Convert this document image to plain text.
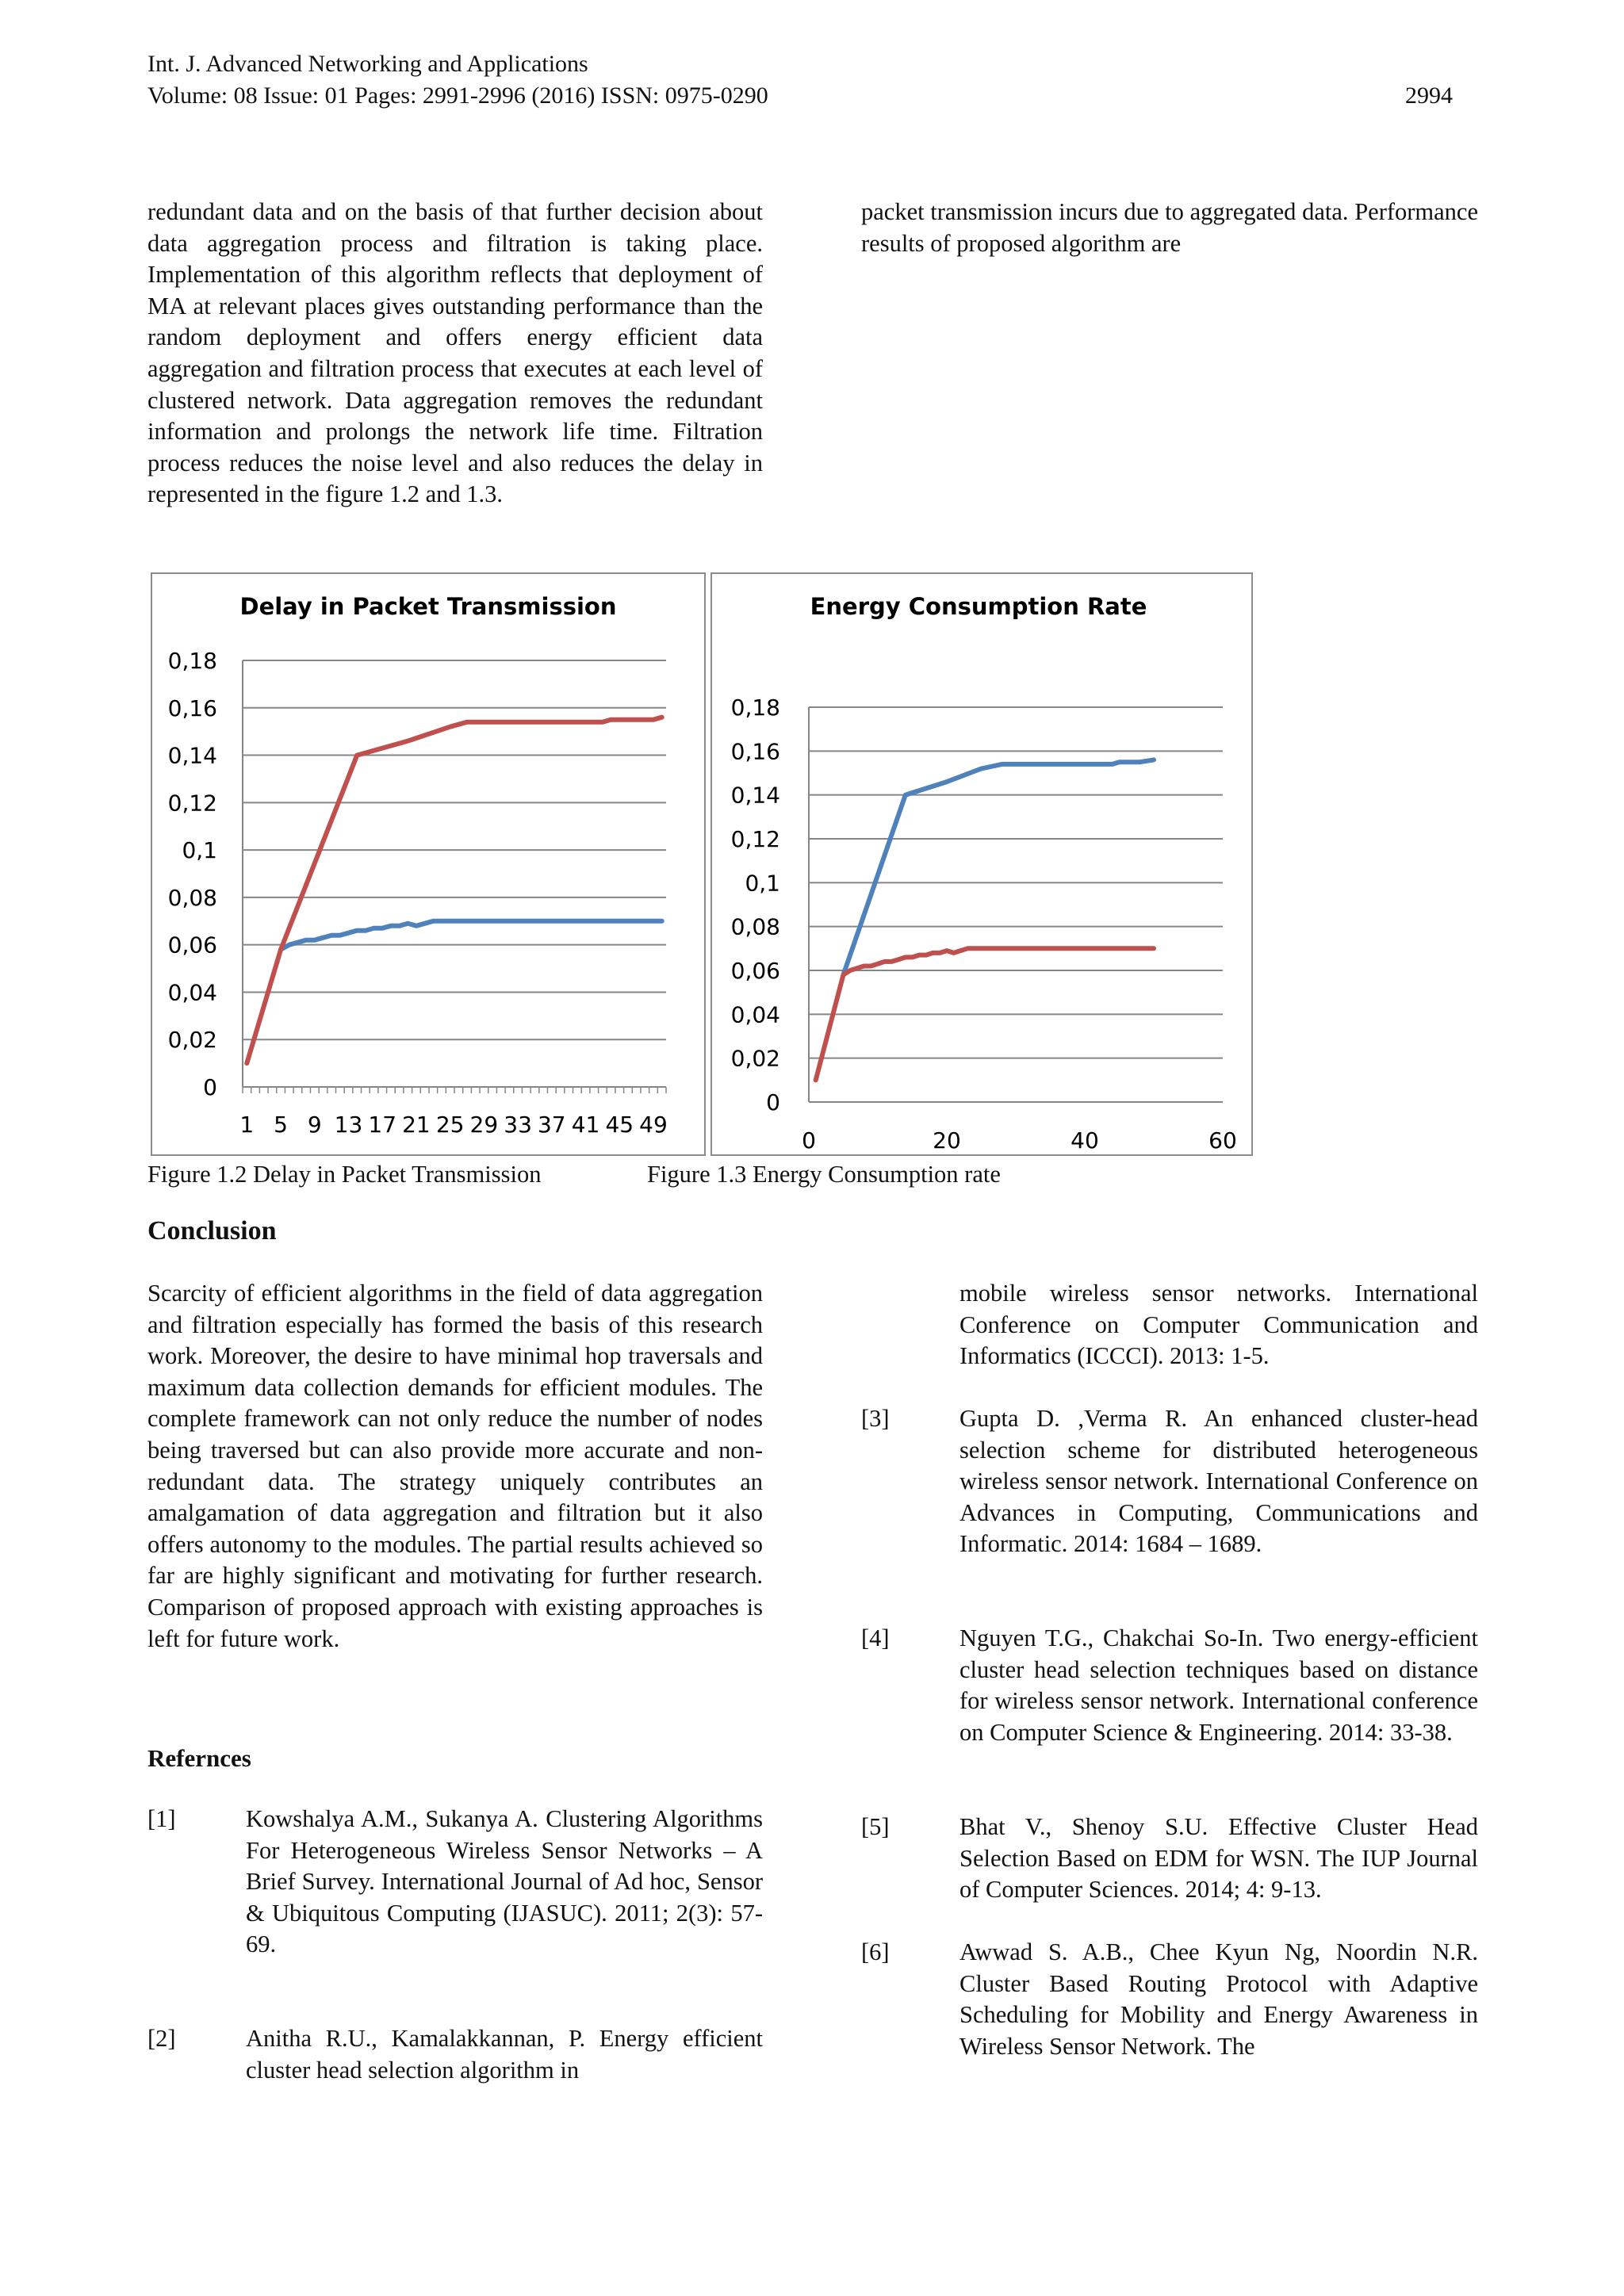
Int. J. Advanced Networking and Applications
Volume: 08 Issue: 01 Pages: 2991-2996 (2016) ISSN: 0975-0290	2994

redundant data and on the basis of that further decision about data aggregation process and filtration is taking place. Implementation of this algorithm reflects that deployment of MA at relevant places gives outstanding performance than the random deployment and offers energy efficient data aggregation and filtration process that executes at each level of clustered network. Data aggregation removes the redundant information and prolongs the network life time. Filtration process reduces the noise level and also reduces the delay in represented in the figure 1.2 and 1.3.

packet transmission incurs due to aggregated data. Performance results of proposed algorithm are

Delay in Packet Transmission
0
0,02
0,04
0,06
0,08
0,1
0,12
0,14
0,16
0,18
1 5 9 13 17 21 25 29 33 37 41 45 49
Energy Consumption Rate
0
0,02
0,04
0,06
0,08
0,1
0,12
0,14
0,16
0,18
0	20	40	60
Figure 1.2 Delay in Packet Transmission	Figure 1.3 Energy Consumption rate
Conclusion

Scarcity of efficient algorithms in the field of data aggregation and filtration especially has formed the basis of this research work. Moreover, the desire to have minimal hop traversals and maximum data collection demands for efficient modules. The complete framework can not only reduce the number of nodes being traversed but can also provide more accurate and non-redundant data. The strategy uniquely contributes an amalgamation of data aggregation and filtration but it also offers autonomy to the modules. The partial results achieved so far are highly significant and motivating for further research. Comparison of proposed approach with existing approaches is left for future work.

Refernces
[1]	Kowshalya A.M., Sukanya A. Clustering Algorithms For Heterogeneous Wireless Sensor Networks – A Brief Survey. International Journal of Ad hoc, Sensor & Ubiquitous Computing (IJASUC). 2011; 2(3): 57-69.

[2]	Anitha R.U., Kamalakkannan, P. Energy efficient cluster head selection algorithm in

mobile wireless sensor networks. International Conference on Computer Communication and Informatics (ICCCI). 2013: 1-5.

[3]	Gupta D. ,Verma R. An enhanced cluster-head selection scheme for distributed heterogeneous wireless sensor network. International Conference on Advances in Computing, Communications and Informatic. 2014: 1684 – 1689.

[4]	Nguyen T.G., Chakchai So-In. Two energy-efficient cluster head selection techniques based on distance for wireless sensor network. International conference on Computer Science & Engineering. 2014: 33-38.

[5]	Bhat V., Shenoy S.U. Effective Cluster Head Selection Based on EDM for WSN. The IUP Journal of Computer Sciences. 2014; 4: 9-13.

[6]	Awwad S. A.B., Chee Kyun Ng, Noordin N.R. Cluster Based Routing Protocol with Adaptive Scheduling for Mobility and Energy Awareness in Wireless Sensor Network. The
